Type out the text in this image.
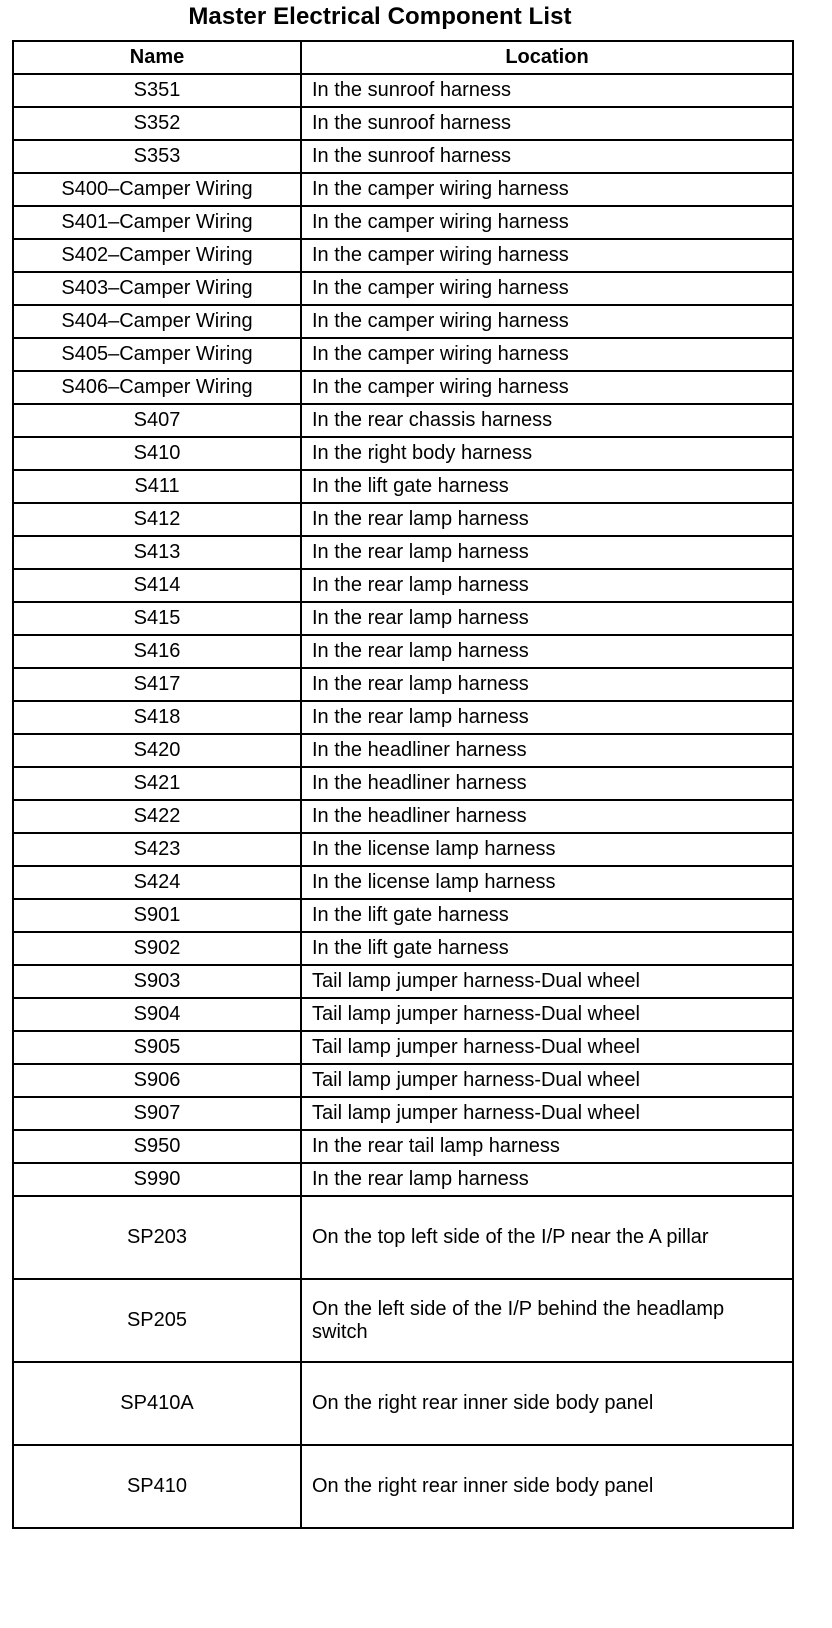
Master Electrical Component List
Name	Location
S351	In the sunroof harness
S352	In the sunroof harness
S353	In the sunroof harness
S400–Camper Wiring	In the camper wiring harness
S401–Camper Wiring	In the camper wiring harness
S402–Camper Wiring	In the camper wiring harness
S403–Camper Wiring	In the camper wiring harness
S404–Camper Wiring	In the camper wiring harness
S405–Camper Wiring	In the camper wiring harness
S406–Camper Wiring	In the camper wiring harness
S407	In the rear chassis harness
S410	In the right body harness
S411	In the lift gate harness
S412	In the rear lamp harness
S413	In the rear lamp harness
S414	In the rear lamp harness
S415	In the rear lamp harness
S416	In the rear lamp harness
S417	In the rear lamp harness
S418	In the rear lamp harness
S420	In the headliner harness
S421	In the headliner harness
S422	In the headliner harness
S423	In the license lamp harness
S424	In the license lamp harness
S901	In the lift gate harness
S902	In the lift gate harness
S903	Tail lamp jumper harness-Dual wheel
S904	Tail lamp jumper harness-Dual wheel
S905	Tail lamp jumper harness-Dual wheel
S906	Tail lamp jumper harness-Dual wheel
S907	Tail lamp jumper harness-Dual wheel
S950	In the rear tail lamp harness
S990	In the rear lamp harness
SP203	On the top left side of the I/P near the A pillar
SP205	On the left side of the I/P behind the headlamp switch
SP410A	On the right rear inner side body panel
SP410	On the right rear inner side body panel
